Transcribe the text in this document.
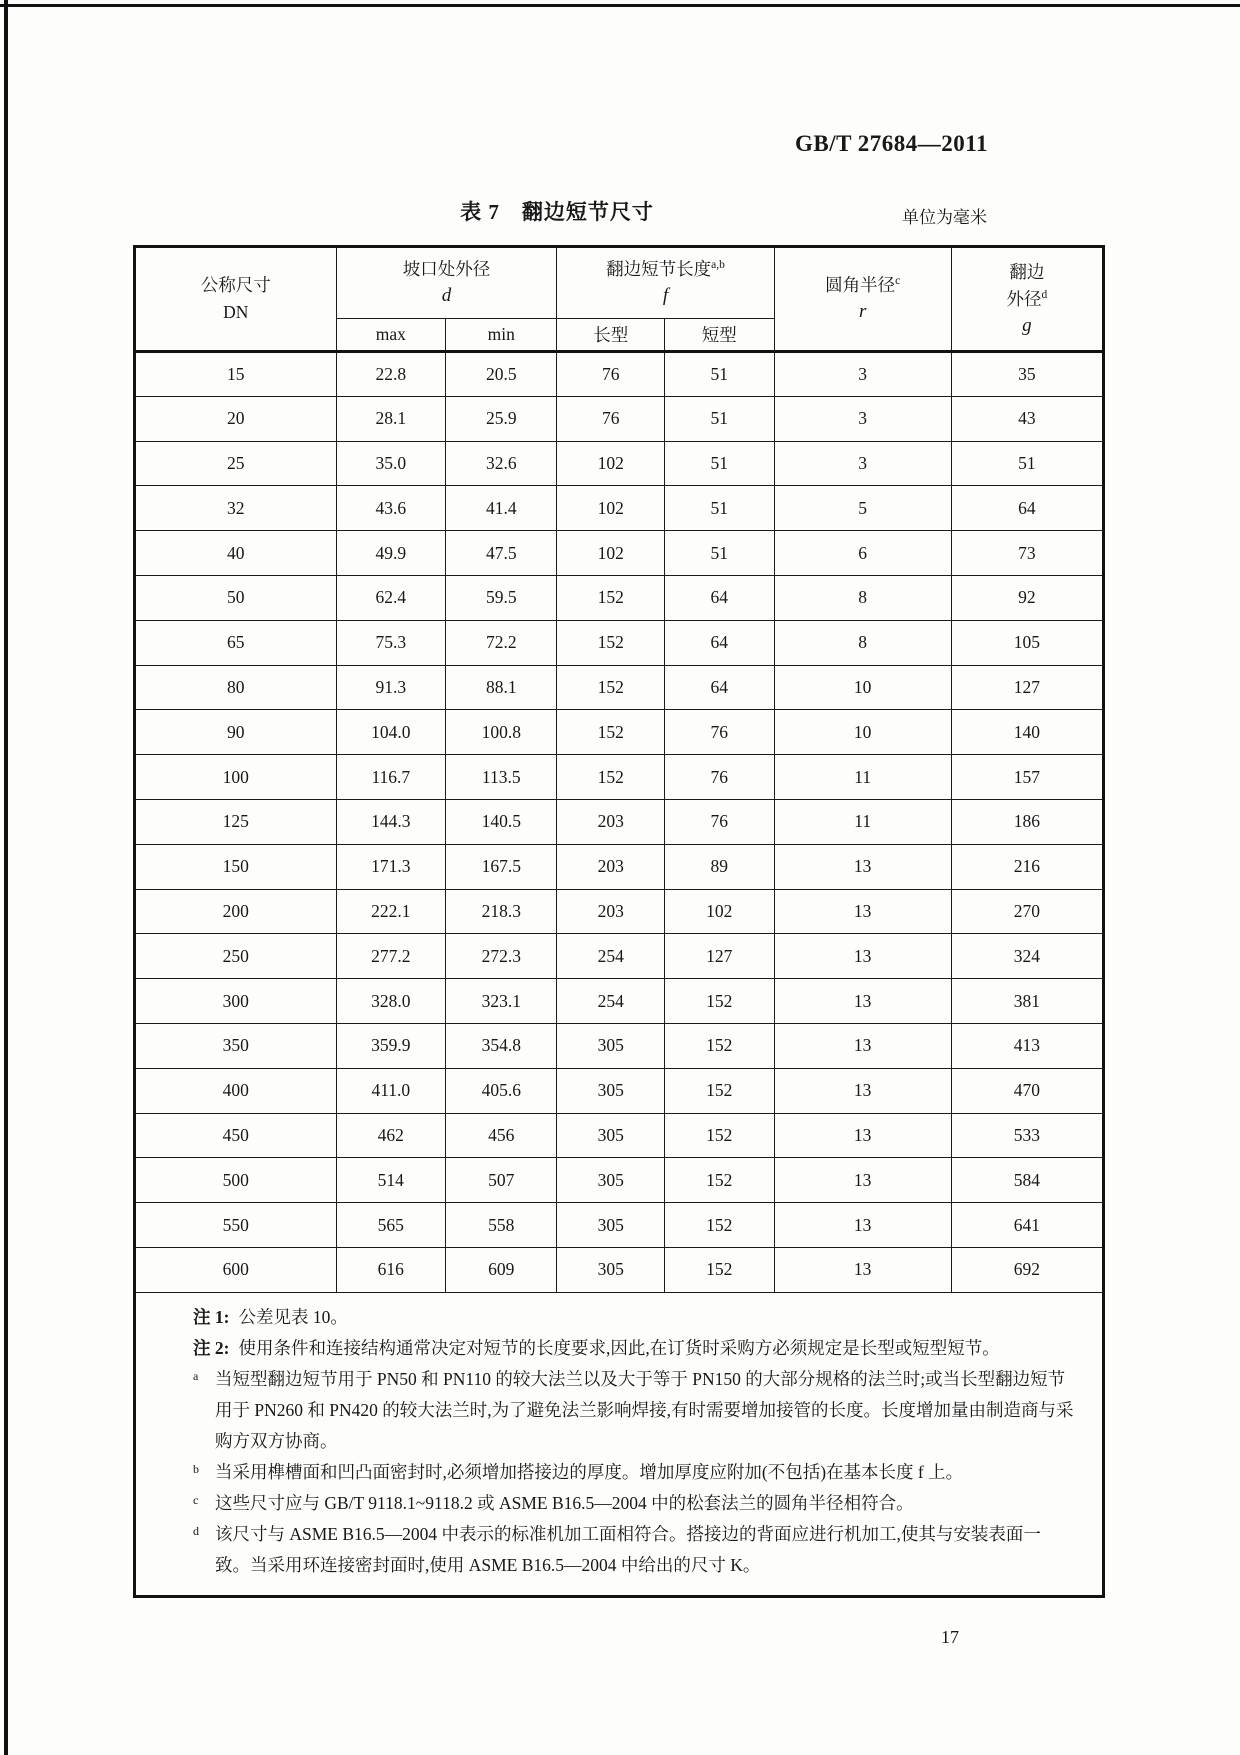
GB/T 27684—2011
表 7　翻边短节尺寸	单位为毫米
公称尺寸
DN

坡口处外径
d

翻边短节长度$^{a,b}$
f

圆角半径$^c$
r

翻边
外径$^d$
g

	max	min	长型	短型		
15	22.8	20.5	76	51	3	35
20	28.1	25.9	76	51	3	43
25	35.0	32.6	102	51	3	51
32	43.6	41.4	102	51	5	64
40	49.9	47.5	102	51	6	73
50	62.4	59.5	152	64	8	92
65	75.3	72.2	152	64	8	105
80	91.3	88.1	152	64	10	127
90	104.0	100.8	152	76	10	140
100	116.7	113.5	152	76	11	157
125	144.3	140.5	203	76	11	186
150	171.3	167.5	203	89	13	216
200	222.1	218.3	203	102	13	270
250	277.2	272.3	254	127	13	324
300	328.0	323.1	254	152	13	381
350	359.9	354.8	305	152	13	413
400	411.0	405.6	305	152	13	470
450	462	456	305	152	13	533
500	514	507	305	152	13	584
550	565	558	305	152	13	641
600	616	609	305	152	13	692

注 1: 公差见表 10。
注 2: 使用条件和连接结构通常决定对短节的长度要求,因此,在订货时采购方必须规定是长型或短型短节。
a 当短型翻边短节用于 PN50 和 PN110 的较大法兰以及大于等于 PN150 的大部分规格的法兰时;或当长型翻边短节用于 PN260 和 PN420 的较大法兰时,为了避免法兰影响焊接,有时需要增加接管的长度。长度增加量由制造商与采购方双方协商。
b 当采用榫槽面和凹凸面密封时,必须增加搭接边的厚度。增加厚度应附加(不包括)在基本长度 f 上。
c 这些尺寸应与 GB/T 9118.1~9118.2 或 ASME B16.5—2004 中的松套法兰的圆角半径相符合。
d 该尺寸与 ASME B16.5—2004 中表示的标准机加工面相符合。搭接边的背面应进行机加工,使其与安装表面一致。当采用环连接密封面时,使用 ASME B16.5—2004 中给出的尺寸 K。
17
